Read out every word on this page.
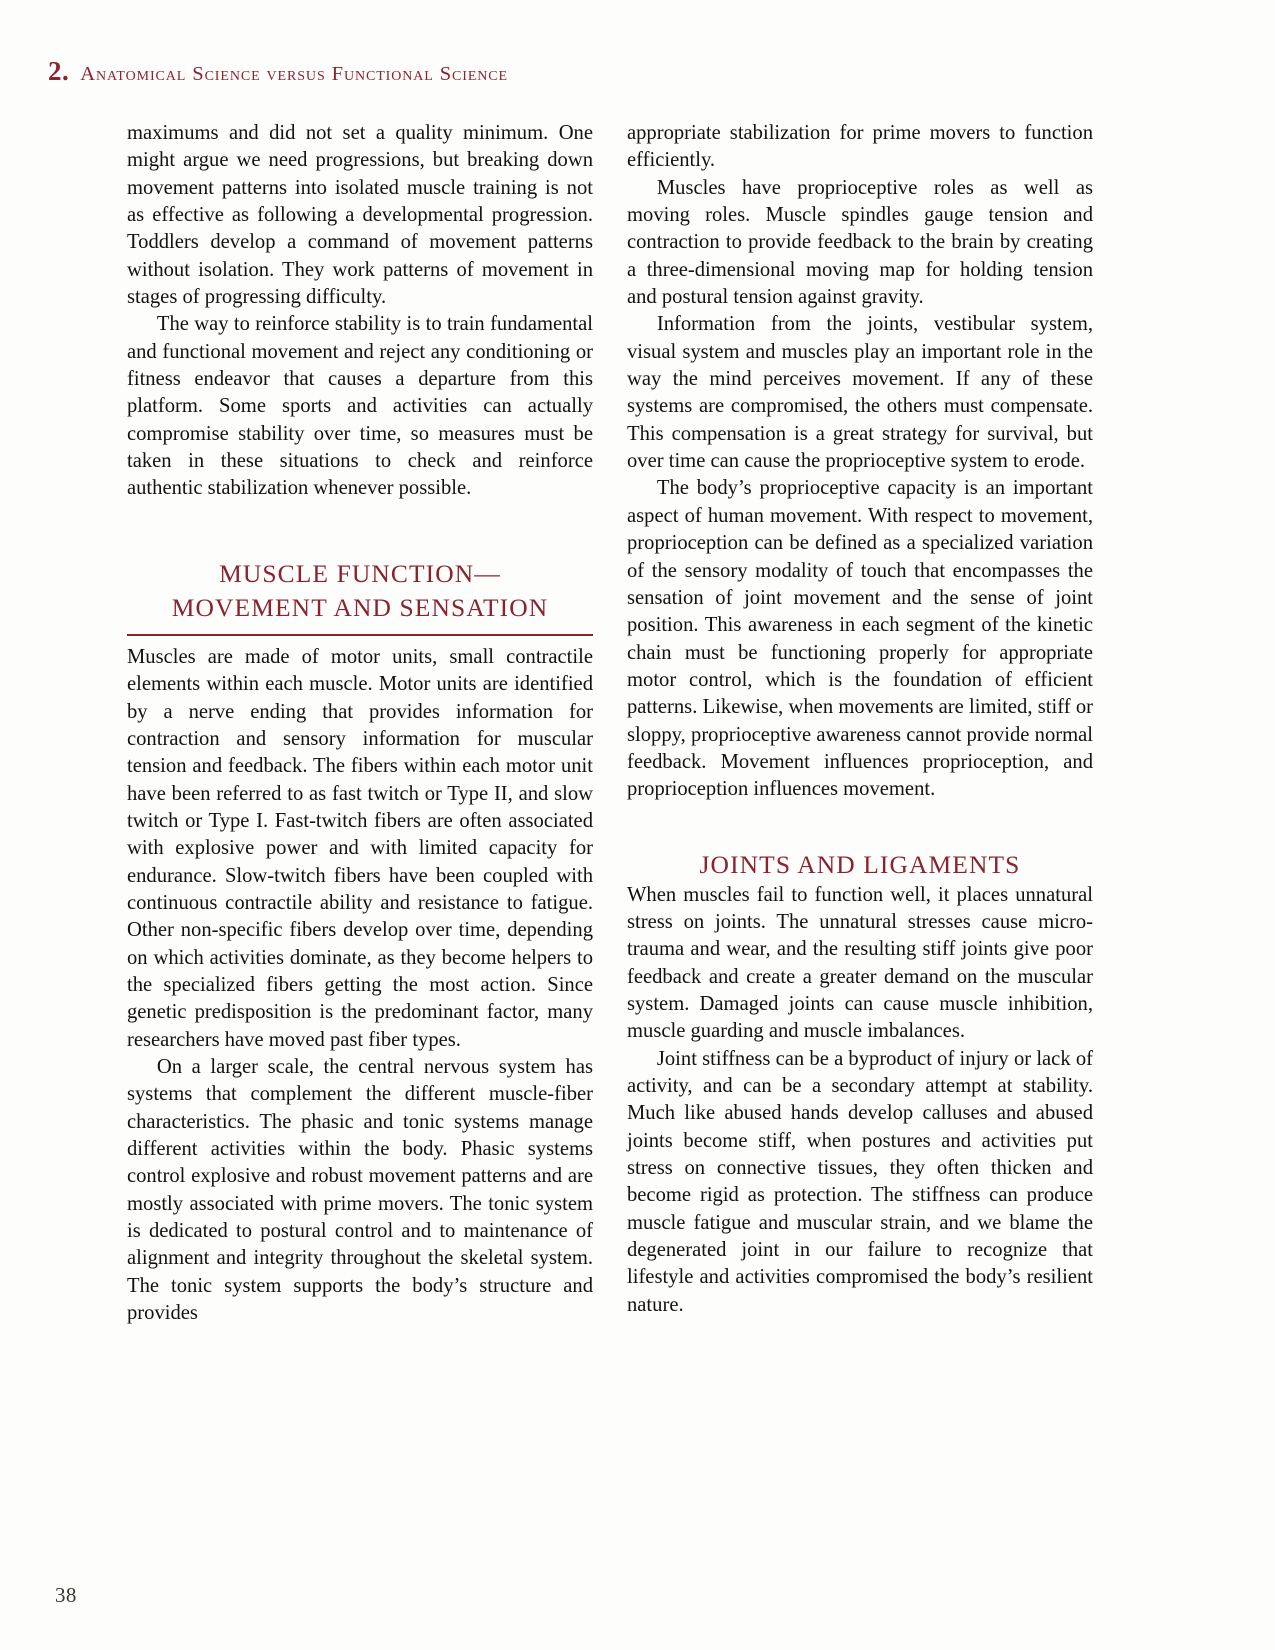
2. Anatomical Science versus Functional Science

maximums and did not set a quality minimum. One might argue we need progressions, but breaking down movement patterns into isolated muscle training is not as effective as following a developmental progression. Toddlers develop a command of movement patterns without isolation. They work patterns of movement in stages of progressing difficulty.

The way to reinforce stability is to train fundamental and functional movement and reject any conditioning or fitness endeavor that causes a departure from this platform. Some sports and activities can actually compromise stability over time, so measures must be taken in these situations to check and reinforce authentic stabilization whenever possible.

MUSCLE FUNCTION—
MOVEMENT AND SENSATION

Muscles are made of motor units, small contractile elements within each muscle. Motor units are identified by a nerve ending that provides information for contraction and sensory information for muscular tension and feedback. The fibers within each motor unit have been referred to as fast twitch or Type II, and slow twitch or Type I. Fast-twitch fibers are often associated with explosive power and with limited capacity for endurance. Slow-twitch fibers have been coupled with continuous contractile ability and resistance to fatigue. Other non-specific fibers develop over time, depending on which activities dominate, as they become helpers to the specialized fibers getting the most action. Since genetic predisposition is the predominant factor, many researchers have moved past fiber types.

On a larger scale, the central nervous system has systems that complement the different muscle-fiber characteristics. The phasic and tonic systems manage different activities within the body. Phasic systems control explosive and robust movement patterns and are mostly associated with prime movers. The tonic system is dedicated to postural control and to maintenance of alignment and integrity throughout the skeletal system. The tonic system supports the body’s structure and provides

appropriate stabilization for prime movers to function efficiently.

Muscles have proprioceptive roles as well as moving roles. Muscle spindles gauge tension and contraction to provide feedback to the brain by creating a three-dimensional moving map for holding tension and postural tension against gravity.

Information from the joints, vestibular system, visual system and muscles play an important role in the way the mind perceives movement. If any of these systems are compromised, the others must compensate. This compensation is a great strategy for survival, but over time can cause the proprioceptive system to erode.

The body’s proprioceptive capacity is an important aspect of human movement. With respect to movement, proprioception can be defined as a specialized variation of the sensory modality of touch that encompasses the sensation of joint movement and the sense of joint position. This awareness in each segment of the kinetic chain must be functioning properly for appropriate motor control, which is the foundation of efficient patterns. Likewise, when movements are limited, stiff or sloppy, proprioceptive awareness cannot provide normal feedback. Movement influences proprioception, and proprioception influences movement.

JOINTS AND LIGAMENTS

When muscles fail to function well, it places unnatural stress on joints. The unnatural stresses cause micro-trauma and wear, and the resulting stiff joints give poor feedback and create a greater demand on the muscular system. Damaged joints can cause muscle inhibition, muscle guarding and muscle imbalances.

Joint stiffness can be a byproduct of injury or lack of activity, and can be a secondary attempt at stability. Much like abused hands develop calluses and abused joints become stiff, when postures and activities put stress on connective tissues, they often thicken and become rigid as protection. The stiffness can produce muscle fatigue and muscular strain, and we blame the degenerated joint in our failure to recognize that lifestyle and activities compromised the body’s resilient nature.

38
